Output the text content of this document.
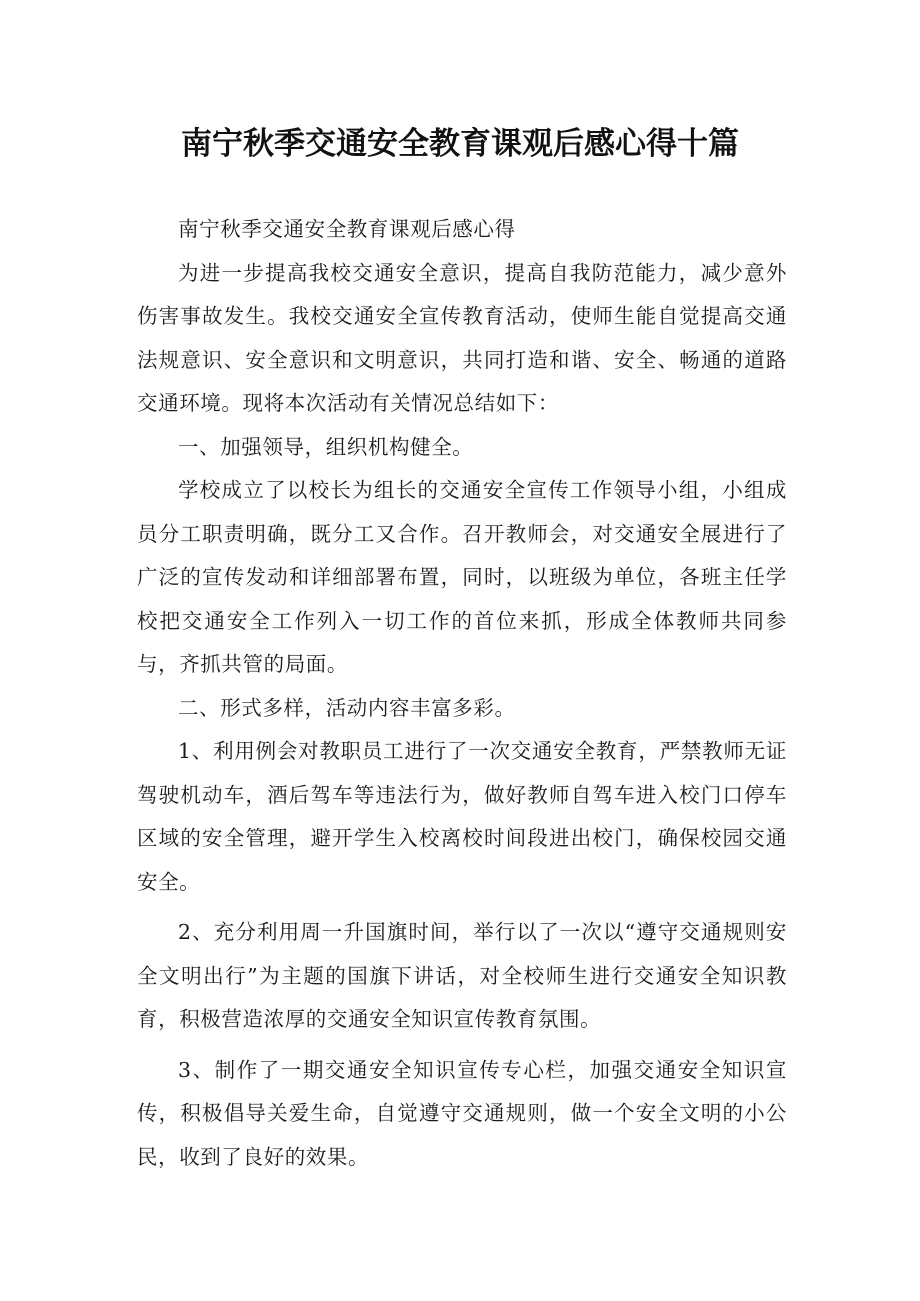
南宁秋季交通安全教育课观后感心得十篇

南宁秋季交通安全教育课观后感心得

为进一步提高我校交通安全意识，提高自我防范能力，减少意外伤害事故发生。我校交通安全宣传教育活动，使师生能自觉提高交通法规意识、安全意识和文明意识，共同打造和谐、安全、畅通的道路交通环境。现将本次活动有关情况总结如下：

一、加强领导，组织机构健全。

学校成立了以校长为组长的交通安全宣传工作领导小组，小组成员分工职责明确，既分工又合作。召开教师会，对交通安全展进行了广泛的宣传发动和详细部署布置，同时，以班级为单位，各班主任学校把交通安全工作列入一切工作的首位来抓，形成全体教师共同参与，齐抓共管的局面。

二、形式多样，活动内容丰富多彩。

1、利用例会对教职员工进行了一次交通安全教育，严禁教师无证驾驶机动车，酒后驾车等违法行为，做好教师自驾车进入校门口停车区域的安全管理，避开学生入校离校时间段进出校门，确保校园交通安全。

2、充分利用周一升国旗时间，举行以了一次以“遵守交通规则安全文明出行”为主题的国旗下讲话，对全校师生进行交通安全知识教育，积极营造浓厚的交通安全知识宣传教育氛围。

3、制作了一期交通安全知识宣传专心栏，加强交通安全知识宣传，积极倡导关爱生命，自觉遵守交通规则，做一个安全文明的小公民，收到了良好的效果。
